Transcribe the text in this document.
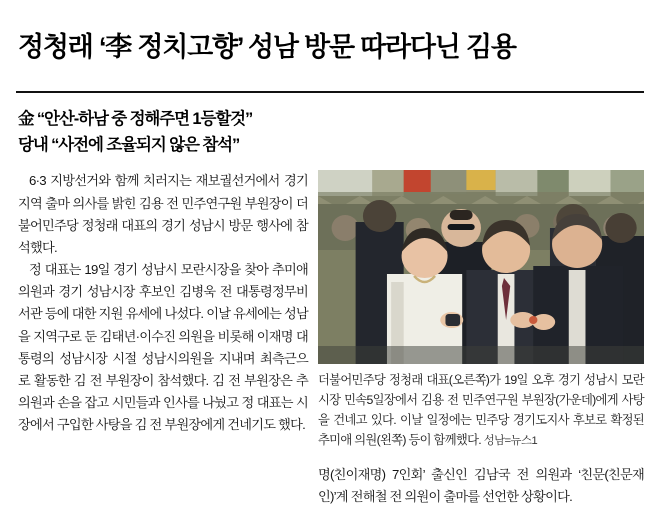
정청래 ‘李 정치고향’ 성남 방문 따라다닌 김용
金 “안산-하남 중 정해주면 1등할것”
당내 “사전에 조율되지 않은 참석”

6·3 지방선거와 함께 치러지는 재보궐선거에서 경기 지역 출마 의사를 밝힌 김용 전 민주연구원 부원장이 더불어민주당 정청래 대표의 경기 성남시 방문 행사에 참석했다.

정 대표는 19일 경기 성남시 모란시장을 찾아 추미애 의원과 경기 성남시장 후보인 김병욱 전 대통령정무비서관 등에 대한 지원 유세에 나섰다. 이날 유세에는 성남을 지역구로 둔 김태년·이수진 의원을 비롯해 이재명 대통령의 성남시장 시절 성남시의원을 지내며 최측근으로 활동한 김 전 부원장이 참석했다. 김 전 부원장은 추 의원과 손을 잡고 시민들과 인사를 나눴고 정 대표는 시장에서 구입한 사탕을 김 전 부원장에게 건네기도 했다.

더불어민주당 정청래 대표(오른쪽)가 19일 오후 경기 성남시 모란시장 민속5일장에서 김용 전 민주연구원 부원장(가운데)에게 사탕을 건네고 있다. 이날 일정에는 민주당 경기도지사 후보로 확정된 추미애 의원(왼쪽) 등이 함께했다. 성남=뉴스1
명(친이재명) 7인회’ 출신인 김남국 전 의원과 ‘친문(친문재인)’계 전해철 전 의원이 출마를 선언한 상황이다.
